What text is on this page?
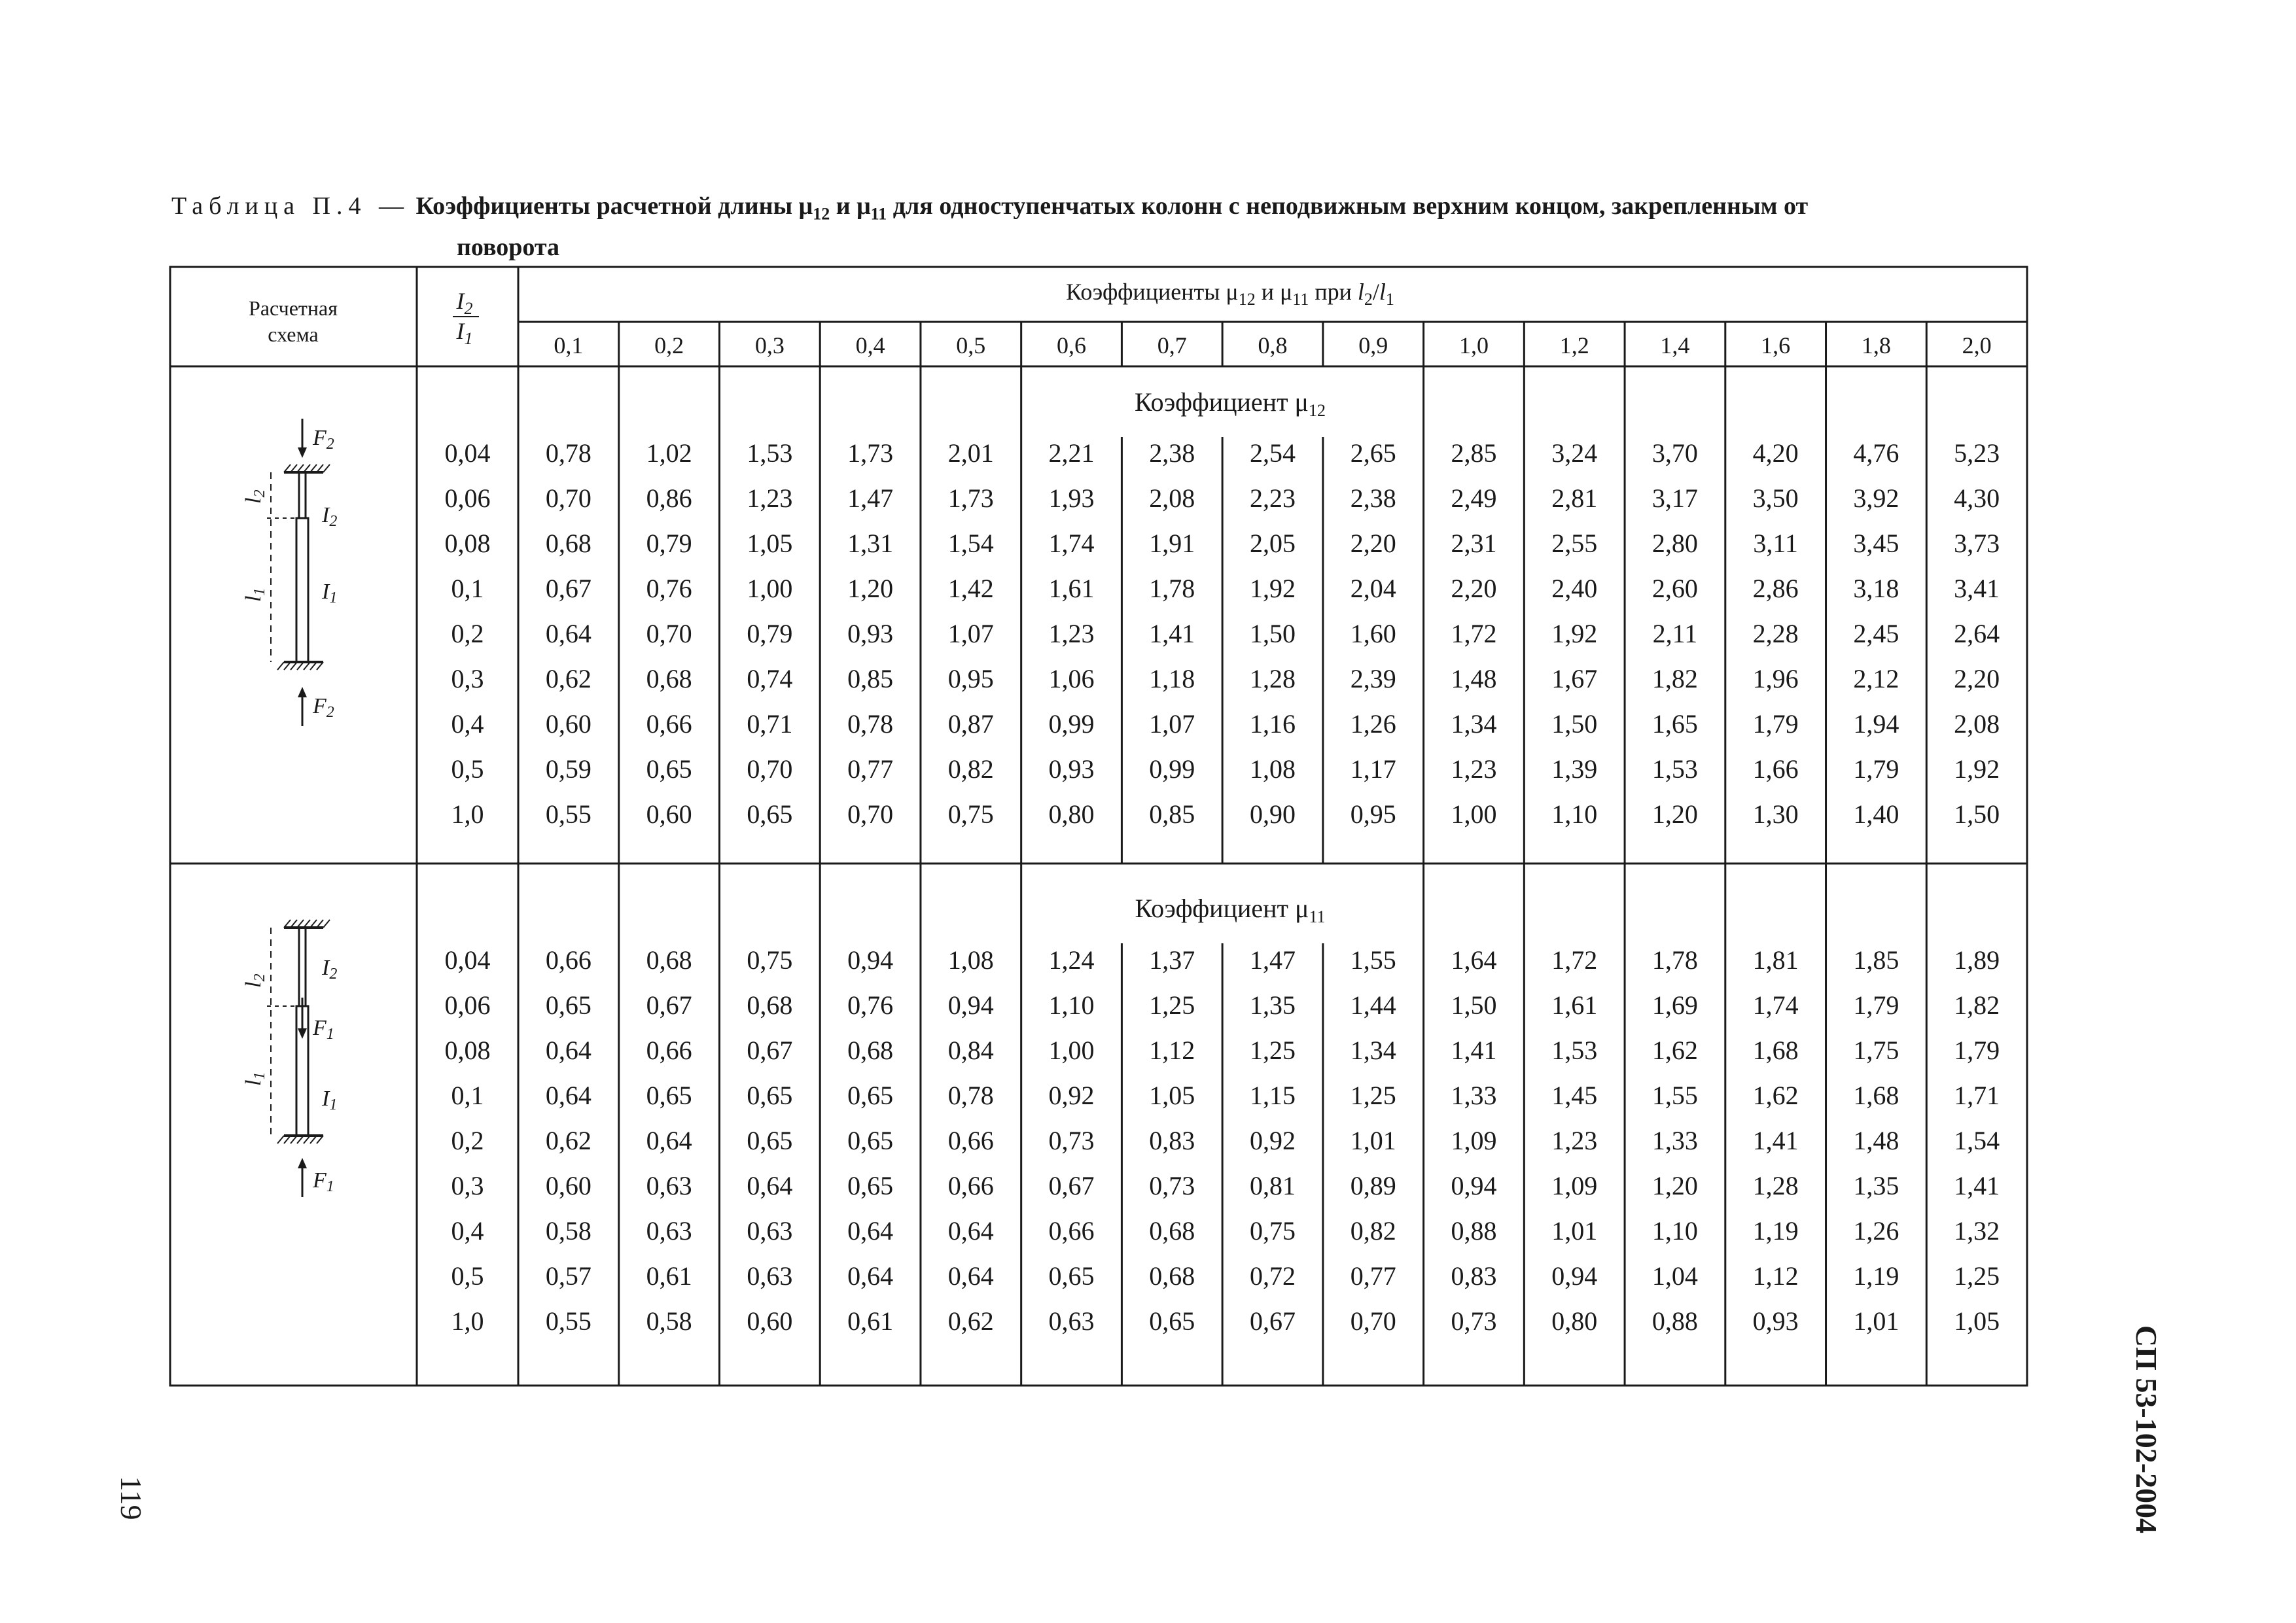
Таблица П.4 — Коэффициенты расчетной длины $\mu_{12}$ и $\mu_{11}$ для одноступенчатых колонн с неподвижным верхним концом, закрепленным от
поворота
Расчетная
схема
$I_2$
$I_1$
Коэффициенты $\mu_{12}$ и $\mu_{11}$ при $l_2/l_1$
0,1	0,2	0,3	0,4	0,5	0,6	0,7	0,8	0,9	1,0	1,2	1,4	1,6	1,8	2,0
Коэффициент $\mu_{12}$
0,04 0,78 1,02 1,53 1,73 2,01 2,21 2,38 2,54 2,65 2,85 3,24 3,70 4,20 4,76 5,23
0,06 0,70 0,86 1,23 1,47 1,73 1,93 2,08 2,23 2,38 2,49 2,81 3,17 3,50 3,92 4,30
0,08 0,68 0,79 1,05 1,31 1,54 1,74 1,91 2,05 2,20 2,31 2,55 2,80 3,11 3,45 3,73
0,1 0,67 0,76 1,00 1,20 1,42 1,61 1,78 1,92 2,04 2,20 2,40 2,60 2,86 3,18 3,41
0,2 0,64 0,70 0,79 0,93 1,07 1,23 1,41 1,50 1,60 1,72 1,92 2,11 2,28 2,45 2,64
0,3 0,62 0,68 0,74 0,85 0,95 1,06 1,18 1,28 2,39 1,48 1,67 1,82 1,96 2,12 2,20
0,4 0,60 0,66 0,71 0,78 0,87 0,99 1,07 1,16 1,26 1,34 1,50 1,65 1,79 1,94 2,08
0,5 0,59 0,65 0,70 0,77 0,82 0,93 0,99 1,08 1,17 1,23 1,39 1,53 1,66 1,79 1,92
1,0 0,55 0,60 0,65 0,70 0,75 0,80 0,85 0,90 0,95 1,00 1,10 1,20 1,30 1,40 1,50
Коэффициент $\mu_{11}$
0,04 0,66 0,68 0,75 0,94 1,08 1,24 1,37 1,47 1,55 1,64 1,72 1,78 1,81 1,85 1,89
0,06 0,65 0,67 0,68 0,76 0,94 1,10 1,25 1,35 1,44 1,50 1,61 1,69 1,74 1,79 1,82
0,08 0,64 0,66 0,67 0,68 0,84 1,00 1,12 1,25 1,34 1,41 1,53 1,62 1,68 1,75 1,79
0,1 0,64 0,65 0,65 0,65 0,78 0,92 1,05 1,15 1,25 1,33 1,45 1,55 1,62 1,68 1,71
0,2 0,62 0,64 0,65 0,65 0,66 0,73 0,83 0,92 1,01 1,09 1,23 1,33 1,41 1,48 1,54
0,3 0,60 0,63 0,64 0,65 0,66 0,67 0,73 0,81 0,89 0,94 1,09 1,20 1,28 1,35 1,41
0,4 0,58 0,63 0,63 0,64 0,64 0,66 0,68 0,75 0,82 0,88 1,01 1,10 1,19 1,26 1,32
0,5 0,57 0,61 0,63 0,64 0,64 0,65 0,68 0,72 0,77 0,83 0,94 1,04 1,12 1,19 1,25
1,0 0,55 0,58 0,60 0,61 0,62 0,63 0,65 0,67 0,70 0,73 0,80 0,88 0,93 1,01 1,05
F2
F2
l2
l1
I2
I1
F1
F1
l2
l1
I2
I1
СП 53-102-2004
119
